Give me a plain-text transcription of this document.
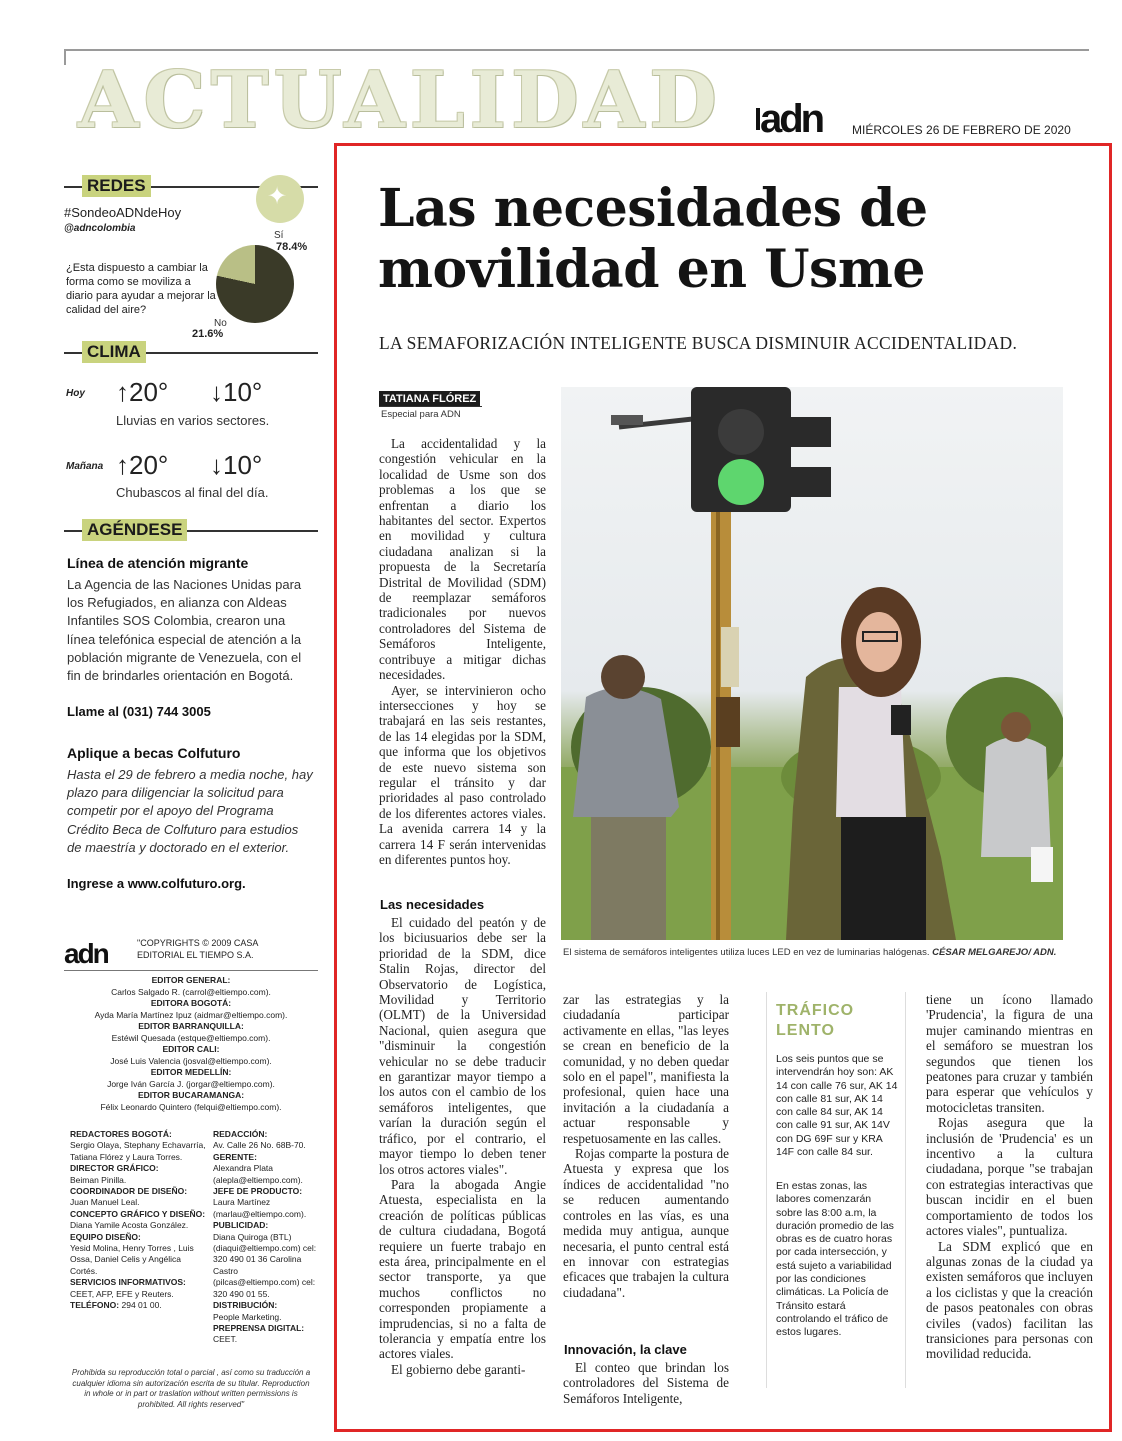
ACTUALIDAD adn MIÉRCOLES 26 DE FEBRERO DE 2020
REDES	✦
#SondeoADNdeHoy
@adncolombia
¿Esta dispuesto a cambiar la forma como se moviliza a diario para ayudar a mejorar la calidad del aire?
Sí
78.4%
No
21.6%
CLIMA
Hoy ↑20° ↓10°
Lluvias en varios sectores.
Mañana ↑20° ↓10°
Chubascos al final del día.
AGÉNDESE
Línea de atención migrante
La Agencia de las Naciones Unidas para los Refugiados, en alianza con Aldeas Infantiles SOS Colombia, crearon una línea telefónica especial de atención a la población migrante de Venezuela, con el fin de brindarles orientación en Bogotá.
Llame al (031) 744 3005
Aplique a becas Colfuturo
Hasta el 29 de febrero a media noche, hay plazo para diligenciar la solicitud para competir por el apoyo del Programa Crédito Beca de Colfuturo para estudios de maestría y doctorado en el exterior.
Ingrese a www.colfuturo.org.
adn	"COPYRIGHTS © 2009 CASA EDITORIAL EL TIEMPO S.A.
EDITOR GENERAL:
Carlos Salgado R. (carrol@eltiempo.com).
EDITORA BOGOTÁ:
Ayda María Martínez Ipuz (aidmar@eltiempo.com).
EDITOR BARRANQUILLA:
Estéwil Quesada (estque@eltiempo.com).
EDITOR CALI:
José Luis Valencia (josval@eltiempo.com).
EDITOR MEDELLÍN:
Jorge Iván García J. (jorgar@eltiempo.com).
EDITOR BUCARAMANGA:
Félix Leonardo Quintero (felqui@eltiempo.com).
REDACTORES BOGOTÁ:
Sergio Olaya, Stephany Echavarría, Tatiana Flórez y Laura Torres.
DIRECTOR GRÁFICO:
Beiman Pinilla.
COORDINADOR DE DISEÑO:
Juan Manuel Leal.
CONCEPTO GRÁFICO Y DISEÑO:
Diana Yamile Acosta González.
EQUIPO DISEÑO:
Yesid Molina, Henry Torres , Luis Ossa, Daniel Celis y Angélica Cortés.
SERVICIOS INFORMATIVOS:
CEET, AFP, EFE y Reuters.
TELÉFONO: 294 01 00.
REDACCIÓN:
Av. Calle 26 No. 68B-70.
GERENTE:
Alexandra Plata (alepla@eltiempo.com).
JEFE DE PRODUCTO:
Laura Martínez (marlau@eltiempo.com).
PUBLICIDAD:
Diana Quiroga (BTL) (diaqui@eltiempo.com) cel: 320 490 01 36 Carolina Castro (pilcas@eltiempo.com) cel: 320 490 01 55.
DISTRIBUCIÓN:
People Marketing.
PREPRENSA DIGITAL:
CEET.
Prohibida su reproducción total o parcial , así como su traducción a cualquier idioma sin autorización escrita de su titular. Reproduction in whole or in part or traslation without written permissions is prohibited. All rights reserved"
Las necesidades de movilidad en Usme
LA SEMAFORIZACIÓN INTELIGENTE BUSCA DISMINUIR ACCIDENTALIDAD.
TATIANA FLÓREZ
Especial para ADN

La accidentalidad y la congestión vehicular en la localidad de Usme son dos problemas a los que se enfrentan a diario los habitantes del sector. Expertos en movilidad y cultura ciudadana analizan si la propuesta de la Secretaría Distrital de Movilidad (SDM) de reemplazar semáforos tradicionales por nuevos controladores del Sistema de Semáforos Inteligente, contribuye a mitigar dichas necesidades.

Ayer, se intervinieron ocho intersecciones y hoy se trabajará en las seis restantes, de las 14 elegidas por la SDM, que informa que los objetivos de este nuevo sistema son regular el tránsito y dar prioridades al paso controlado de los diferentes actores viales. La avenida carrera 14 y la carrera 14 F serán intervenidas en diferentes puntos hoy.

Las necesidades

El cuidado del peatón y de los biciusuarios debe ser la prioridad de la SDM, dice Stalin Rojas, director del Observatorio de Logística, Movilidad y Territorio (OLMT) de la Universidad Nacional, quien asegura que "disminuir la congestión vehicular no se debe traducir en garantizar mayor tiempo a los autos con el cambio de los semáforos inteligentes, que varían la duración según el tráfico, por el contrario, el mayor tiempo lo deben tener los otros actores viales".

Para la abogada Angie Atuesta, especialista en la creación de políticas públicas de cultura ciudadana, Bogotá requiere un fuerte trabajo en esta área, principalmente en el sector transporte, ya que muchos conflictos no corresponden propiamente a imprudencias, si no a falta de tolerancia y empatía entre los actores viales.

El gobierno debe garanti-

El sistema de semáforos inteligentes utiliza luces LED en vez de luminarias halógenas. CÉSAR MELGAREJO/ ADN.

zar las estrategias y la ciudadanía participar activamente en ellas, "las leyes se crean en beneficio de la comunidad, y no deben quedar solo en el papel", manifiesta la profesional, quien hace una invitación a la ciudadanía a actuar responsable y respetuosamente en las calles.

Rojas comparte la postura de Atuesta y expresa que los índices de accidentalidad "no se reducen aumentando controles en las vías, es una medida muy antigua, aunque necesaria, el punto central está en innovar con estrategias eficaces que trabajen la cultura ciudadana".

Innovación, la clave

El conteo que brindan los controladores del Sistema de Semáforos Inteligente,

TRÁFICO LENTO
Los seis puntos que se intervendrán hoy son: AK 14 con calle 76 sur, AK 14 con calle 81 sur, AK 14 con calle 84 sur, AK 14 con calle 91 sur, AK 14V con DG 69F sur y KRA 14F con calle 84 sur.
En estas zonas, las labores comenzarán sobre las 8:00 a.m, la duración promedio de las obras es de cuatro horas por cada intersección, y está sujeto a variabilidad por las condiciones climáticas. La Policía de Tránsito estará controlando el tráfico de estos lugares.

tiene un ícono llamado 'Prudencia', la figura de una mujer caminando mientras en el semáforo se muestran los segundos que tienen los peatones para cruzar y también para esperar que vehículos y motocicletas transiten.

Rojas asegura que la inclusión de 'Prudencia' es un incentivo a la cultura ciudadana, porque "se trabajan con estrategias interactivas que buscan incidir en el buen comportamiento de todos los actores viales", puntualiza.

La SDM explicó que en algunas zonas de la ciudad ya existen semáforos que incluyen a los ciclistas y que la creación de pasos peatonales con obras civiles (vados) facilitan las transiciones para personas con movilidad reducida.
